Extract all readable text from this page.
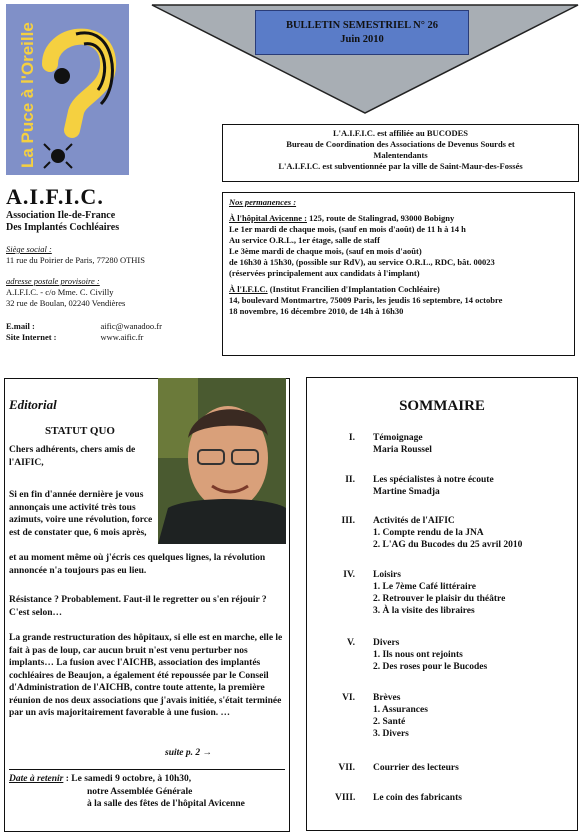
La Puce à l'Oreille	BULLETIN SEMESTRIEL N° 26
Juin 2010
L'A.I.F.I.C. est affiliée au BUCODES
Bureau de Coordination des Associations de Devenus Sourds et
Malentendants
L'A.I.F.I.C. est subventionnée par la ville de Saint-Maur-des-Fossés
A.I.F.I.C.
Association Ile-de-France
Des Implantés Cochléaires
Siège social :
11 rue du Poirier de Paris, 77280 OTHIS
adresse postale provisoire :
A.I.F.I.C. - c/o Mme. C. Civilly
32 rue de Boulan, 02240 Vendières
E.mail :	aific@wanadoo.fr
Site Internet :	www.aific.fr

Nos permanences :

À l'hôpital Avicenne : 125, route de Stalingrad, 93000 Bobigny
Le 1er mardi de chaque mois, (sauf en mois d'août) de 11 h à 14 h
Au service O.R.L., 1er étage, salle de staff
Le 3ème mardi de chaque mois, (sauf en mois d'août)
de 16h30 à 15h30, (possible sur RdV), au service O.R.L., RDC, bât. 00023
(réservées principalement aux candidats à l'implant)

À l'I.F.I.C. (Institut Francilien d'Implantation Cochléaire)
14, boulevard Montmartre, 75009 Paris, les jeudis 16 septembre, 14 octobre
18 novembre, 16 décembre 2010, de 14h à 16h30

Editorial
STATUT QUO

Chers adhérents, chers amis de l'AIFIC,

Si en fin d'année dernière je vous annonçais une activité très tous azimuts, voire une révolution, force est de constater que, 6 mois après,

et au moment même où j'écris ces quelques lignes, la révolution annoncée n'a toujours pas eu lieu.

Résistance ? Probablement. Faut-il le regretter ou s'en réjouir ? C'est selon…

La grande restructuration des hôpitaux, si elle est en marche, elle le fait à pas de loup, car aucun bruit n'est venu perturber nos implants… La fusion avec l'AICHB, association des implantés cochléaires de Beaujon, a également été repoussée par le Conseil d'Administration de l'AICHB, contre toute attente, la première réunion de nos deux associations que j'avais initiée, s'était terminée par un avis majoritairement favorable à une fusion. …

suite p. 2 →
Date à retenir : Le samedi 9 octobre, à 10h30,
notre Assemblée Générale
à la salle des fêtes de l'hôpital Avicenne
SOMMAIRE
I. Témoignage
Maria Roussel
II. Les spécialistes à notre écoute
Martine Smadja
III. Activités de l'AIFIC
1. Compte rendu de la JNA
2. L'AG du Bucodes du 25 avril 2010
IV. Loisirs
1. Le 7ème Café littéraire
2. Retrouver le plaisir du théâtre
3. À la visite des libraires
V. Divers
1. Ils nous ont rejoints
2. Des roses pour le Bucodes
VI. Brèves
1. Assurances
2. Santé
3. Divers
VII. Courrier des lecteurs
VIII. Le coin des fabricants
